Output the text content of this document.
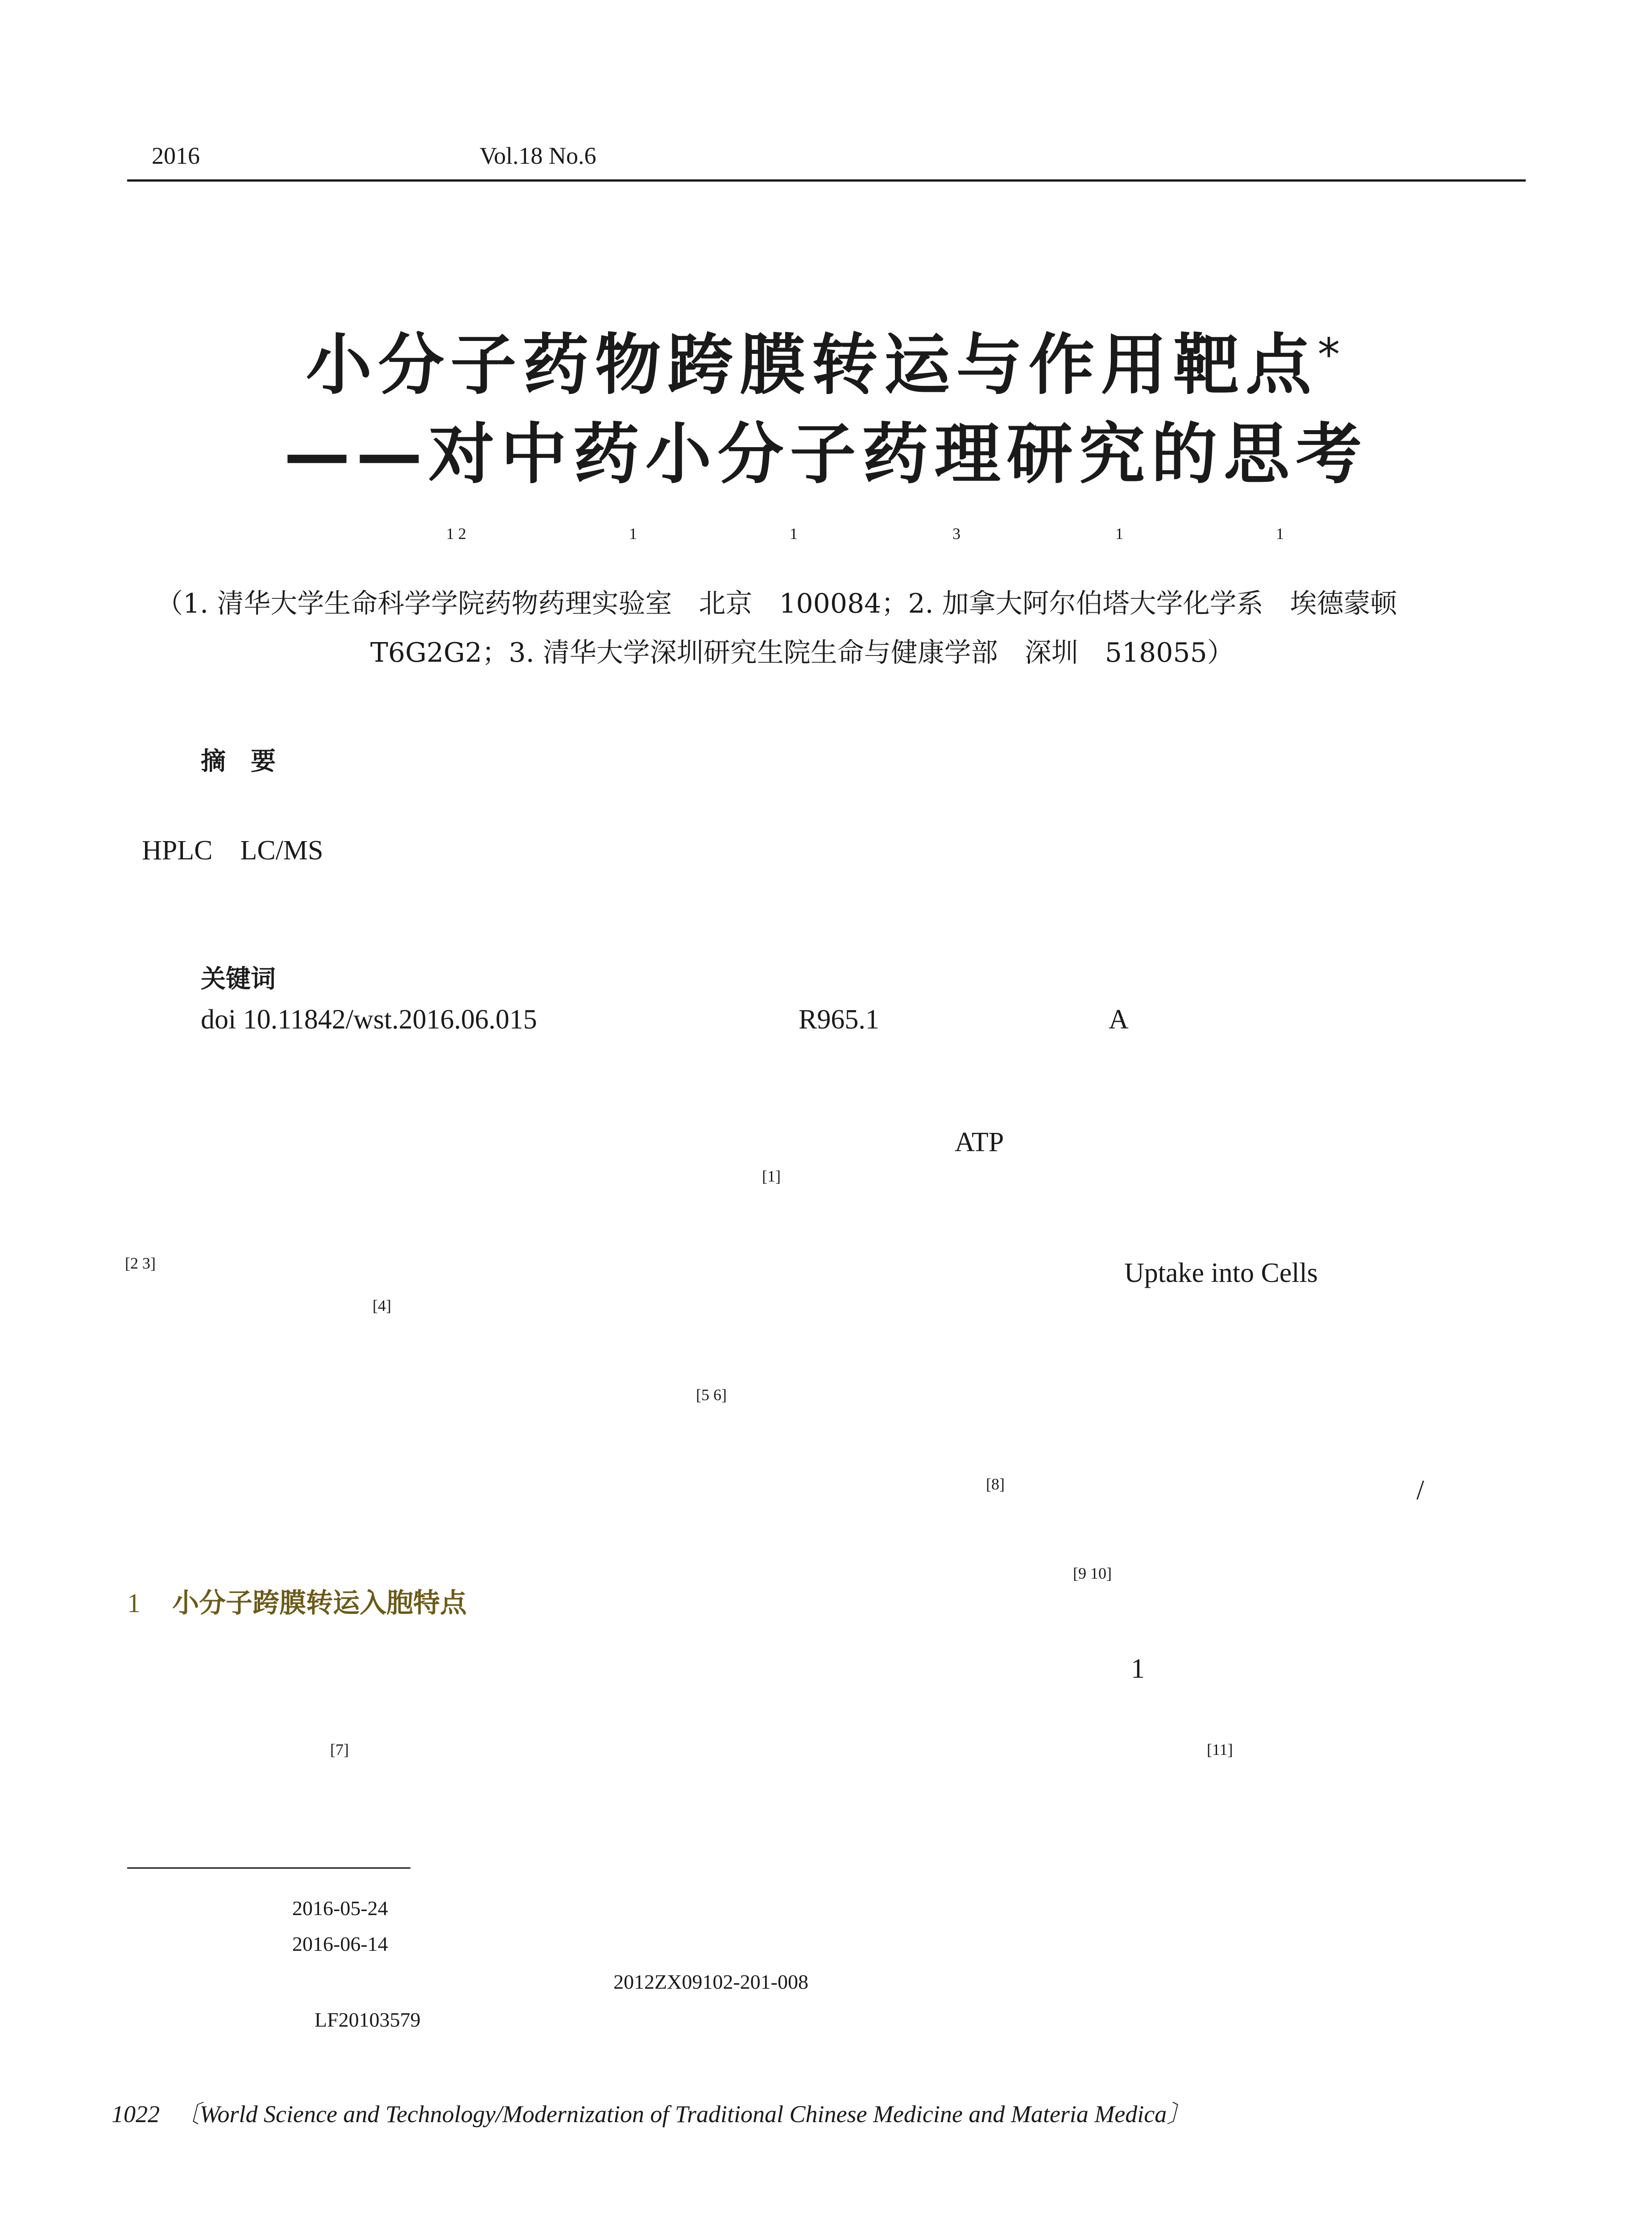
2016	Vol.18 No.6
小分子药物跨膜转运与作用靶点*
——对中药小分子药理研究的思考
1 2	1	1	3	1	1
（1. 清华大学生命科学学院药物药理实验室　北京　100084；2. 加拿大阿尔伯塔大学化学系　埃德蒙顿
T6G2G2；3. 清华大学深圳研究生院生命与健康学部　深圳　518055）
摘　要
HPLC　LC/MS
关键词
doi 10.11842/wst.2016.06.015	R965.1	A
ATP
[1]
[2 3]	Uptake into Cells
[4]
[5 6]
[8]	/
[9 10]
1 小分子跨膜转运入胞特点
1
[7]	[11]
2016-05-24
2016-06-14
2012ZX09102-201-008
LF20103579
1022 〔World Science and Technology/Modernization of Traditional Chinese Medicine and Materia Medica〕
